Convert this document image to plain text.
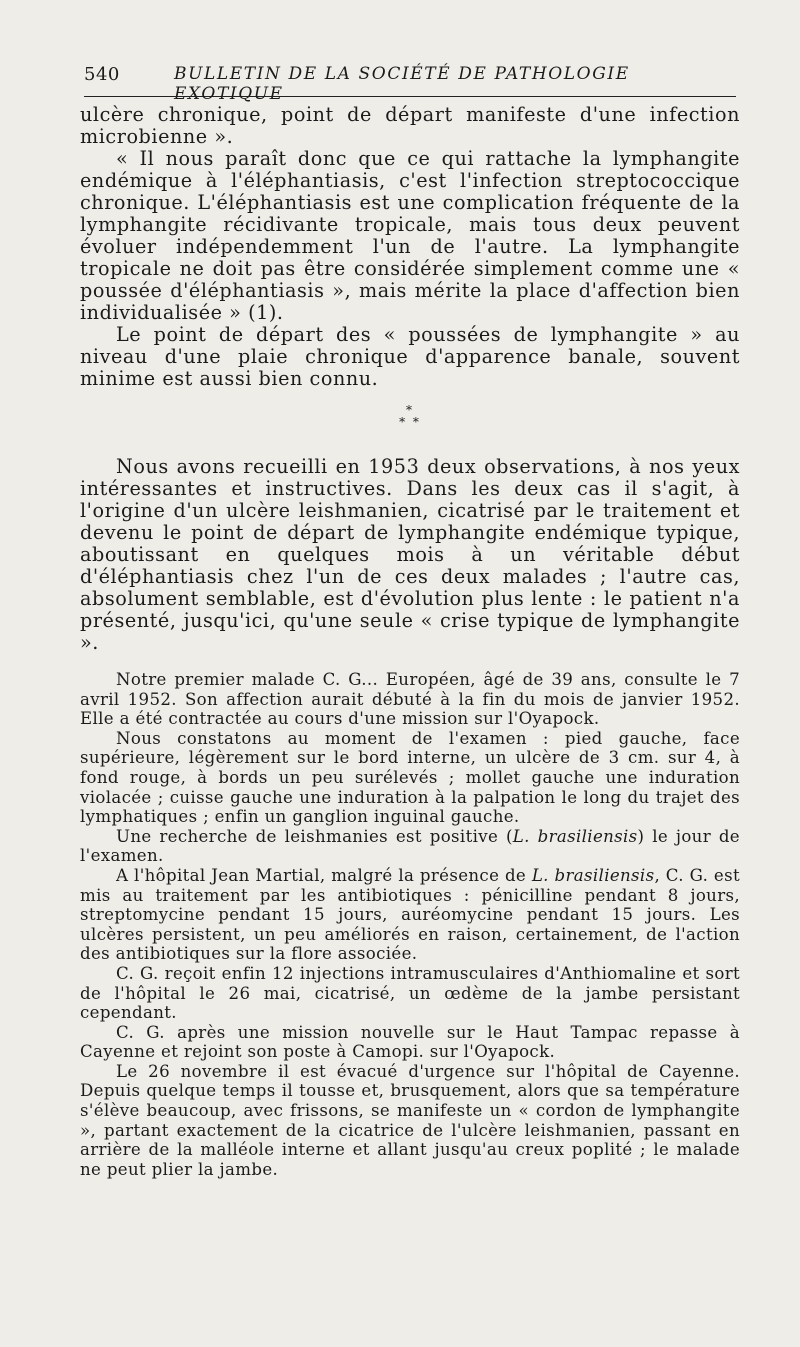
540	BULLETIN DE LA SOCIÉTÉ DE PATHOLOGIE EXOTIQUE

ulcère chronique, point de départ manifeste d'une infection microbienne ».

« Il nous paraît donc que ce qui rattache la lymphangite endémique à l'éléphantiasis, c'est l'infection streptococcique chronique. L'éléphantiasis est une complication fréquente de la lymphangite récidivante tropicale, mais tous deux peuvent évoluer indépendemment l'un de l'autre. La lymphangite tropicale ne doit pas être considérée simplement comme une « poussée d'éléphantiasis », mais mérite la place d'affection bien individualisée » (1).

Le point de départ des « poussées de lymphangite » au niveau d'une plaie chronique d'apparence banale, souvent minime est aussi bien connu.

*
* *

Nous avons recueilli en 1953 deux observations, à nos yeux intéressantes et instructives. Dans les deux cas il s'agit, à l'origine d'un ulcère leishmanien, cicatrisé par le traitement et devenu le point de départ de lymphangite endémique typique, aboutissant en quelques mois à un véritable début d'éléphantiasis chez l'un de ces deux malades ; l'autre cas, absolument semblable, est d'évolution plus lente : le patient n'a présenté, jusqu'ici, qu'une seule « crise typique de lymphangite ».

Notre premier malade C. G... Européen, âgé de 39 ans, consulte le 7 avril 1952. Son affection aurait débuté à la fin du mois de janvier 1952. Elle a été contractée au cours d'une mission sur l'Oyapock.

Nous constatons au moment de l'examen : pied gauche, face supérieure, légèrement sur le bord interne, un ulcère de 3 cm. sur 4, à fond rouge, à bords un peu surélevés ; mollet gauche une induration violacée ; cuisse gauche une induration à la palpation le long du trajet des lymphatiques ; enfin un ganglion inguinal gauche.

Une recherche de leishmanies est positive (L. brasiliensis) le jour de l'examen.

A l'hôpital Jean Martial, malgré la présence de L. brasiliensis, C. G. est mis au traitement par les antibiotiques : pénicilline pendant 8 jours, streptomycine pendant 15 jours, auréomycine pendant 15 jours. Les ulcères persistent, un peu améliorés en raison, certainement, de l'action des antibiotiques sur la flore associée.

C. G. reçoit enfin 12 injections intramusculaires d'Anthiomaline et sort de l'hôpital le 26 mai, cicatrisé, un œdème de la jambe persistant cependant.

C. G. après une mission nouvelle sur le Haut Tampac repasse à Cayenne et rejoint son poste à Camopi. sur l'Oyapock.

Le 26 novembre il est évacué d'urgence sur l'hôpital de Cayenne. Depuis quelque temps il tousse et, brusquement, alors que sa température s'élève beaucoup, avec frissons, se manifeste un « cordon de lymphangite », partant exactement de la cicatrice de l'ulcère leishmanien, passant en arrière de la malléole interne et allant jusqu'au creux poplité ; le malade ne peut plier la jambe.
